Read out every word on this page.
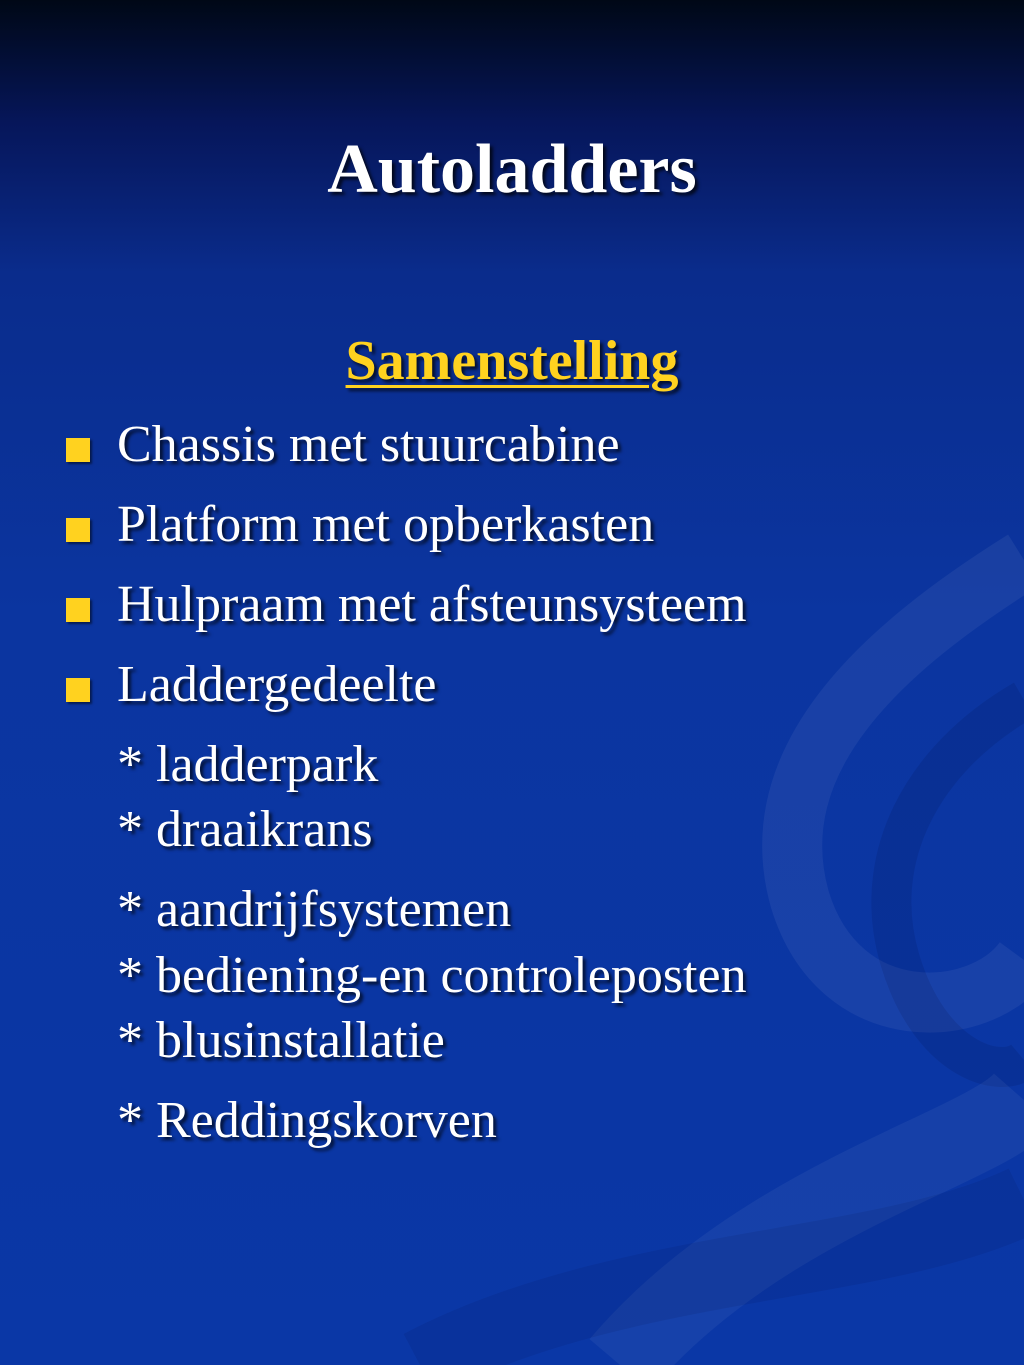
Autoladders
Samenstelling
Chassis met stuurcabine
Platform met opberkasten
Hulpraam met afsteunsysteem
Laddergedeelte
* ladderpark
* draaikrans
* aandrijfsystemen
* bediening-en controleposten
* blusinstallatie
* Reddingskorven
